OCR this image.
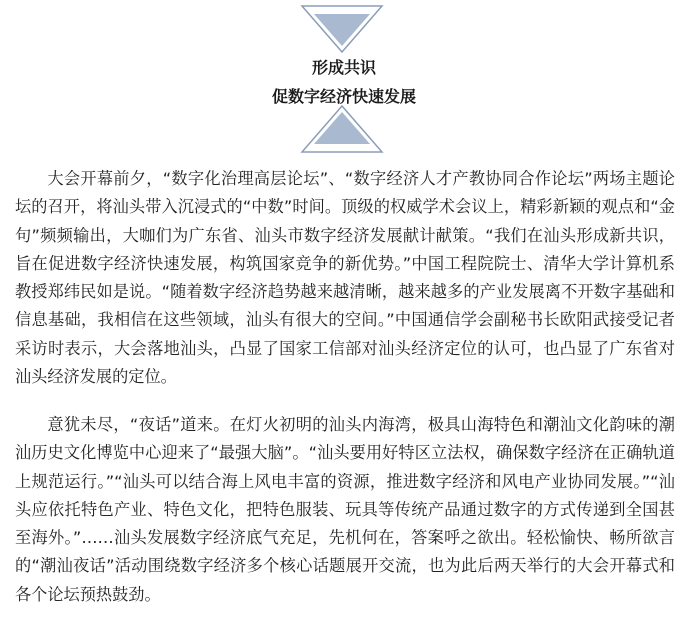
形成共识
促数字经济快速发展

大会开幕前夕，“数字化治理高层论坛”、“数字经济人才产教协同合作论坛”两场主题论坛的召开，将汕头带入沉浸式的“中数”时间。顶级的权威学术会议上，精彩新颖的观点和“金句”频频输出，大咖们为广东省、汕头市数字经济发展献计献策。“我们在汕头形成新共识，旨在促进数字经济快速发展，构筑国家竞争的新优势。”中国工程院院士、清华大学计算机系教授郑纬民如是说。“随着数字经济趋势越来越清晰，越来越多的产业发展离不开数字基础和信息基础，我相信在这些领域，汕头有很大的空间。”中国通信学会副秘书长欧阳武接受记者采访时表示，大会落地汕头，凸显了国家工信部对汕头经济定位的认可，也凸显了广东省对汕头经济发展的定位。

意犹未尽，“夜话”道来。在灯火初明的汕头内海湾，极具山海特色和潮汕文化韵味的潮汕历史文化博览中心迎来了“最强大脑”。“汕头要用好特区立法权，确保数字经济在正确轨道上规范运行。”“汕头可以结合海上风电丰富的资源，推进数字经济和风电产业协同发展。”“汕头应依托特色产业、特色文化，把特色服装、玩具等传统产品通过数字的方式传递到全国甚至海外。”……汕头发展数字经济底气充足，先机何在，答案呼之欲出。轻松愉快、畅所欲言的“潮汕夜话”活动围绕数字经济多个核心话题展开交流，也为此后两天举行的大会开幕式和各个论坛预热鼓劲。
